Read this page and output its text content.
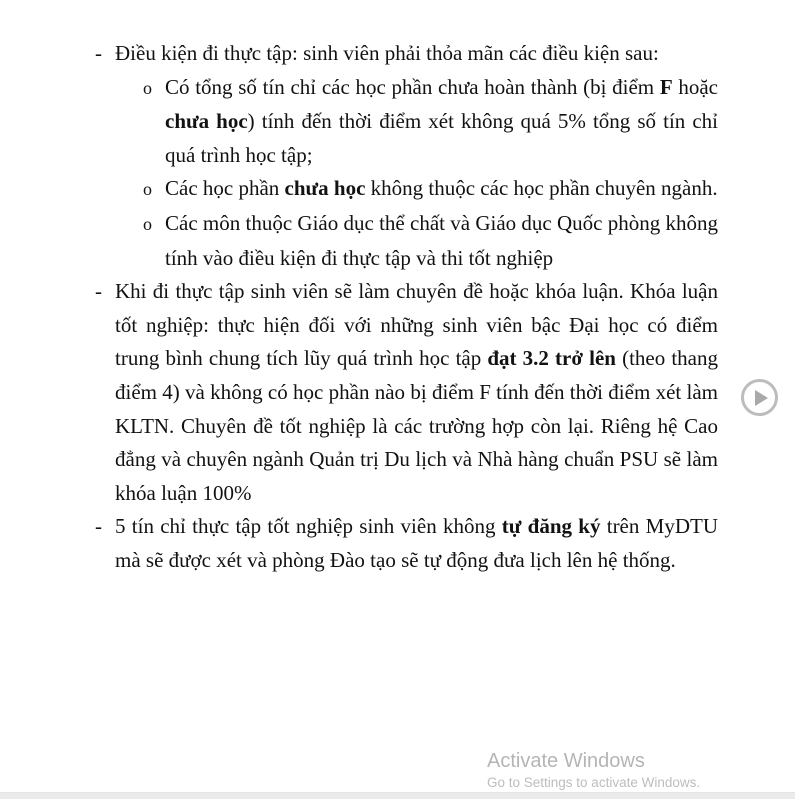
- Điều kiện đi thực tập: sinh viên phải thỏa mãn các điều kiện sau:
o Có tổng số tín chỉ các học phần chưa hoàn thành (bị điểm F hoặc chưa học) tính đến thời điểm xét không quá 5% tổng số tín chỉ quá trình học tập;
o Các học phần chưa học không thuộc các học phần chuyên ngành.
o Các môn thuộc Giáo dục thể chất và Giáo dục Quốc phòng không tính vào điều kiện đi thực tập và thi tốt nghiệp
- Khi đi thực tập sinh viên sẽ làm chuyên đề hoặc khóa luận. Khóa luận tốt nghiệp: thực hiện đối với những sinh viên bậc Đại học có điểm trung bình chung tích lũy quá trình học tập đạt 3.2 trở lên (theo thang điểm 4) và không có học phần nào bị điểm F tính đến thời điểm xét làm KLTN. Chuyên đề tốt nghiệp là các trường hợp còn lại. Riêng hệ Cao đẳng và chuyên ngành Quản trị Du lịch và Nhà hàng chuẩn PSU sẽ làm khóa luận 100%
- 5 tín chỉ thực tập tốt nghiệp sinh viên không tự đăng ký trên MyDTU mà sẽ được xét và phòng Đào tạo sẽ tự động đưa lịch lên hệ thống.
Activate Windows
Go to Settings to activate Windows.
